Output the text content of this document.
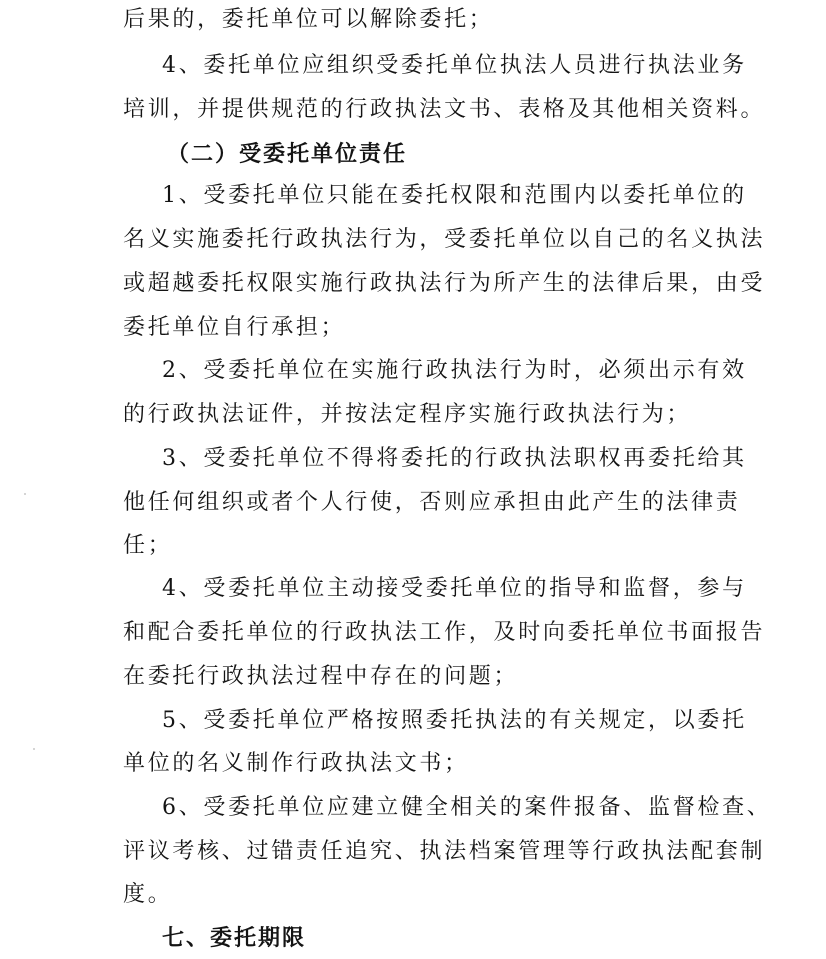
后果的，委托单位可以解除委托；
4、委托单位应组织受委托单位执法人员进行执法业务
培训，并提供规范的行政执法文书、表格及其他相关资料。
（二）受委托单位责任
1、受委托单位只能在委托权限和范围内以委托单位的
名义实施委托行政执法行为，受委托单位以自己的名义执法
或超越委托权限实施行政执法行为所产生的法律后果，由受
委托单位自行承担；
2、受委托单位在实施行政执法行为时，必须出示有效
的行政执法证件，并按法定程序实施行政执法行为；
3、受委托单位不得将委托的行政执法职权再委托给其
他任何组织或者个人行使，否则应承担由此产生的法律责
任；
4、受委托单位主动接受委托单位的指导和监督，参与
和配合委托单位的行政执法工作，及时向委托单位书面报告
在委托行政执法过程中存在的问题；
5、受委托单位严格按照委托执法的有关规定，以委托
单位的名义制作行政执法文书；
6、受委托单位应建立健全相关的案件报备、监督检查、
评议考核、过错责任追究、执法档案管理等行政执法配套制
度。
七、委托期限
